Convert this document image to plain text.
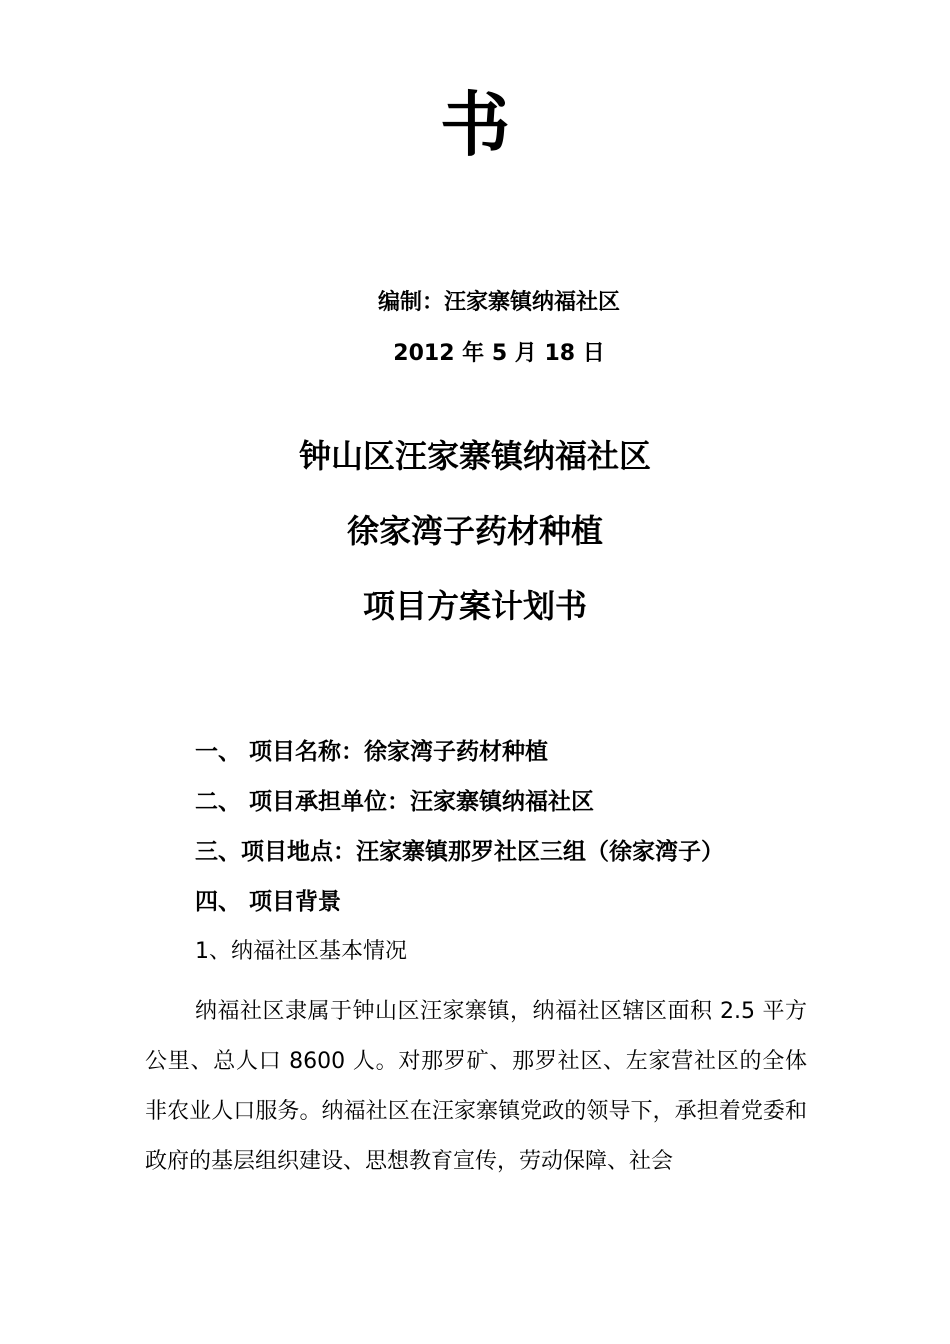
书
编制：汪家寨镇纳福社区
2012 年 5 月 18 日
钟山区汪家寨镇纳福社区
徐家湾子药材种植
项目方案计划书
一、 项目名称：徐家湾子药材种植
二、 项目承担单位：汪家寨镇纳福社区
三、项目地点：汪家寨镇那罗社区三组（徐家湾子）
四、 项目背景
1、纳福社区基本情况
纳福社区隶属于钟山区汪家寨镇，纳福社区辖区面积 2.5 平方公里、总人口 8600 人。对那罗矿、那罗社区、左家营社区的全体非农业人口服务。纳福社区在汪家寨镇党政的领导下，承担着党委和政府的基层组织建设、思想教育宣传，劳动保障、社会
